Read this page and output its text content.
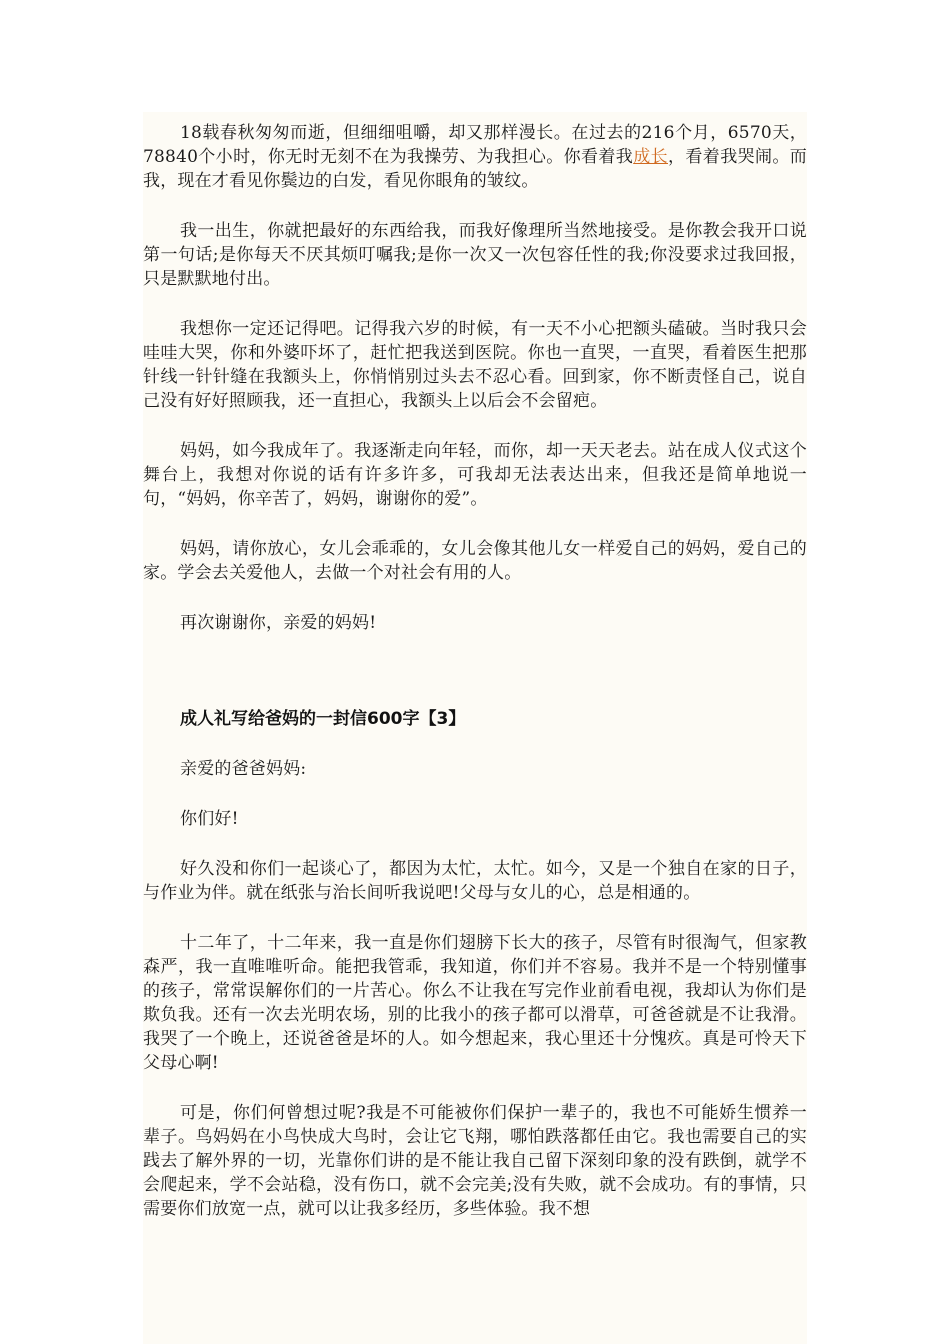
18载春秋匆匆而逝，但细细咀嚼，却又那样漫长。在过去的216个月，6570天，78840个小时，你无时无刻不在为我操劳、为我担心。你看着我成长，看着我哭闹。而我，现在才看见你鬓边的白发，看见你眼角的皱纹。

我一出生，你就把最好的东西给我，而我好像理所当然地接受。是你教会我开口说第一句话;是你每天不厌其烦叮嘱我;是你一次又一次包容任性的我;你没要求过我回报，只是默默地付出。

我想你一定还记得吧。记得我六岁的时候，有一天不小心把额头磕破。当时我只会哇哇大哭，你和外婆吓坏了，赶忙把我送到医院。你也一直哭，一直哭，看着医生把那针线一针针缝在我额头上，你悄悄别过头去不忍心看。回到家，你不断责怪自己，说自己没有好好照顾我，还一直担心，我额头上以后会不会留疤。

妈妈，如今我成年了。我逐渐走向年轻，而你，却一天天老去。站在成人仪式这个舞台上，我想对你说的话有许多许多，可我却无法表达出来，但我还是简单地说一句，“妈妈，你辛苦了，妈妈，谢谢你的爱”。

妈妈，请你放心，女儿会乖乖的，女儿会像其他儿女一样爱自己的妈妈，爱自己的家。学会去关爱他人，去做一个对社会有用的人。

再次谢谢你，亲爱的妈妈!

成人礼写给爸妈的一封信600字【3】

亲爱的爸爸妈妈:

你们好!

好久没和你们一起谈心了，都因为太忙，太忙。如今，又是一个独自在家的日子，与作业为伴。就在纸张与治长间听我说吧!父母与女儿的心，总是相通的。

十二年了，十二年来，我一直是你们翅膀下长大的孩子，尽管有时很淘气，但家教森严，我一直唯唯听命。能把我管乖，我知道，你们并不容易。我并不是一个特别懂事的孩子，常常误解你们的一片苦心。你么不让我在写完作业前看电视，我却认为你们是欺负我。还有一次去光明农场，别的比我小的孩子都可以滑草，可爸爸就是不让我滑。我哭了一个晚上，还说爸爸是坏的人。如今想起来，我心里还十分愧疚。真是可怜天下父母心啊!

可是，你们何曾想过呢?我是不可能被你们保护一辈子的，我也不可能娇生惯养一辈子。鸟妈妈在小鸟快成大鸟时，会让它飞翔，哪怕跌落都任由它。我也需要自己的实践去了解外界的一切，光靠你们讲的是不能让我自己留下深刻印象的没有跌倒，就学不会爬起来，学不会站稳，没有伤口，就不会完美;没有失败，就不会成功。有的事情，只需要你们放宽一点，就可以让我多经历，多些体验。我不想
